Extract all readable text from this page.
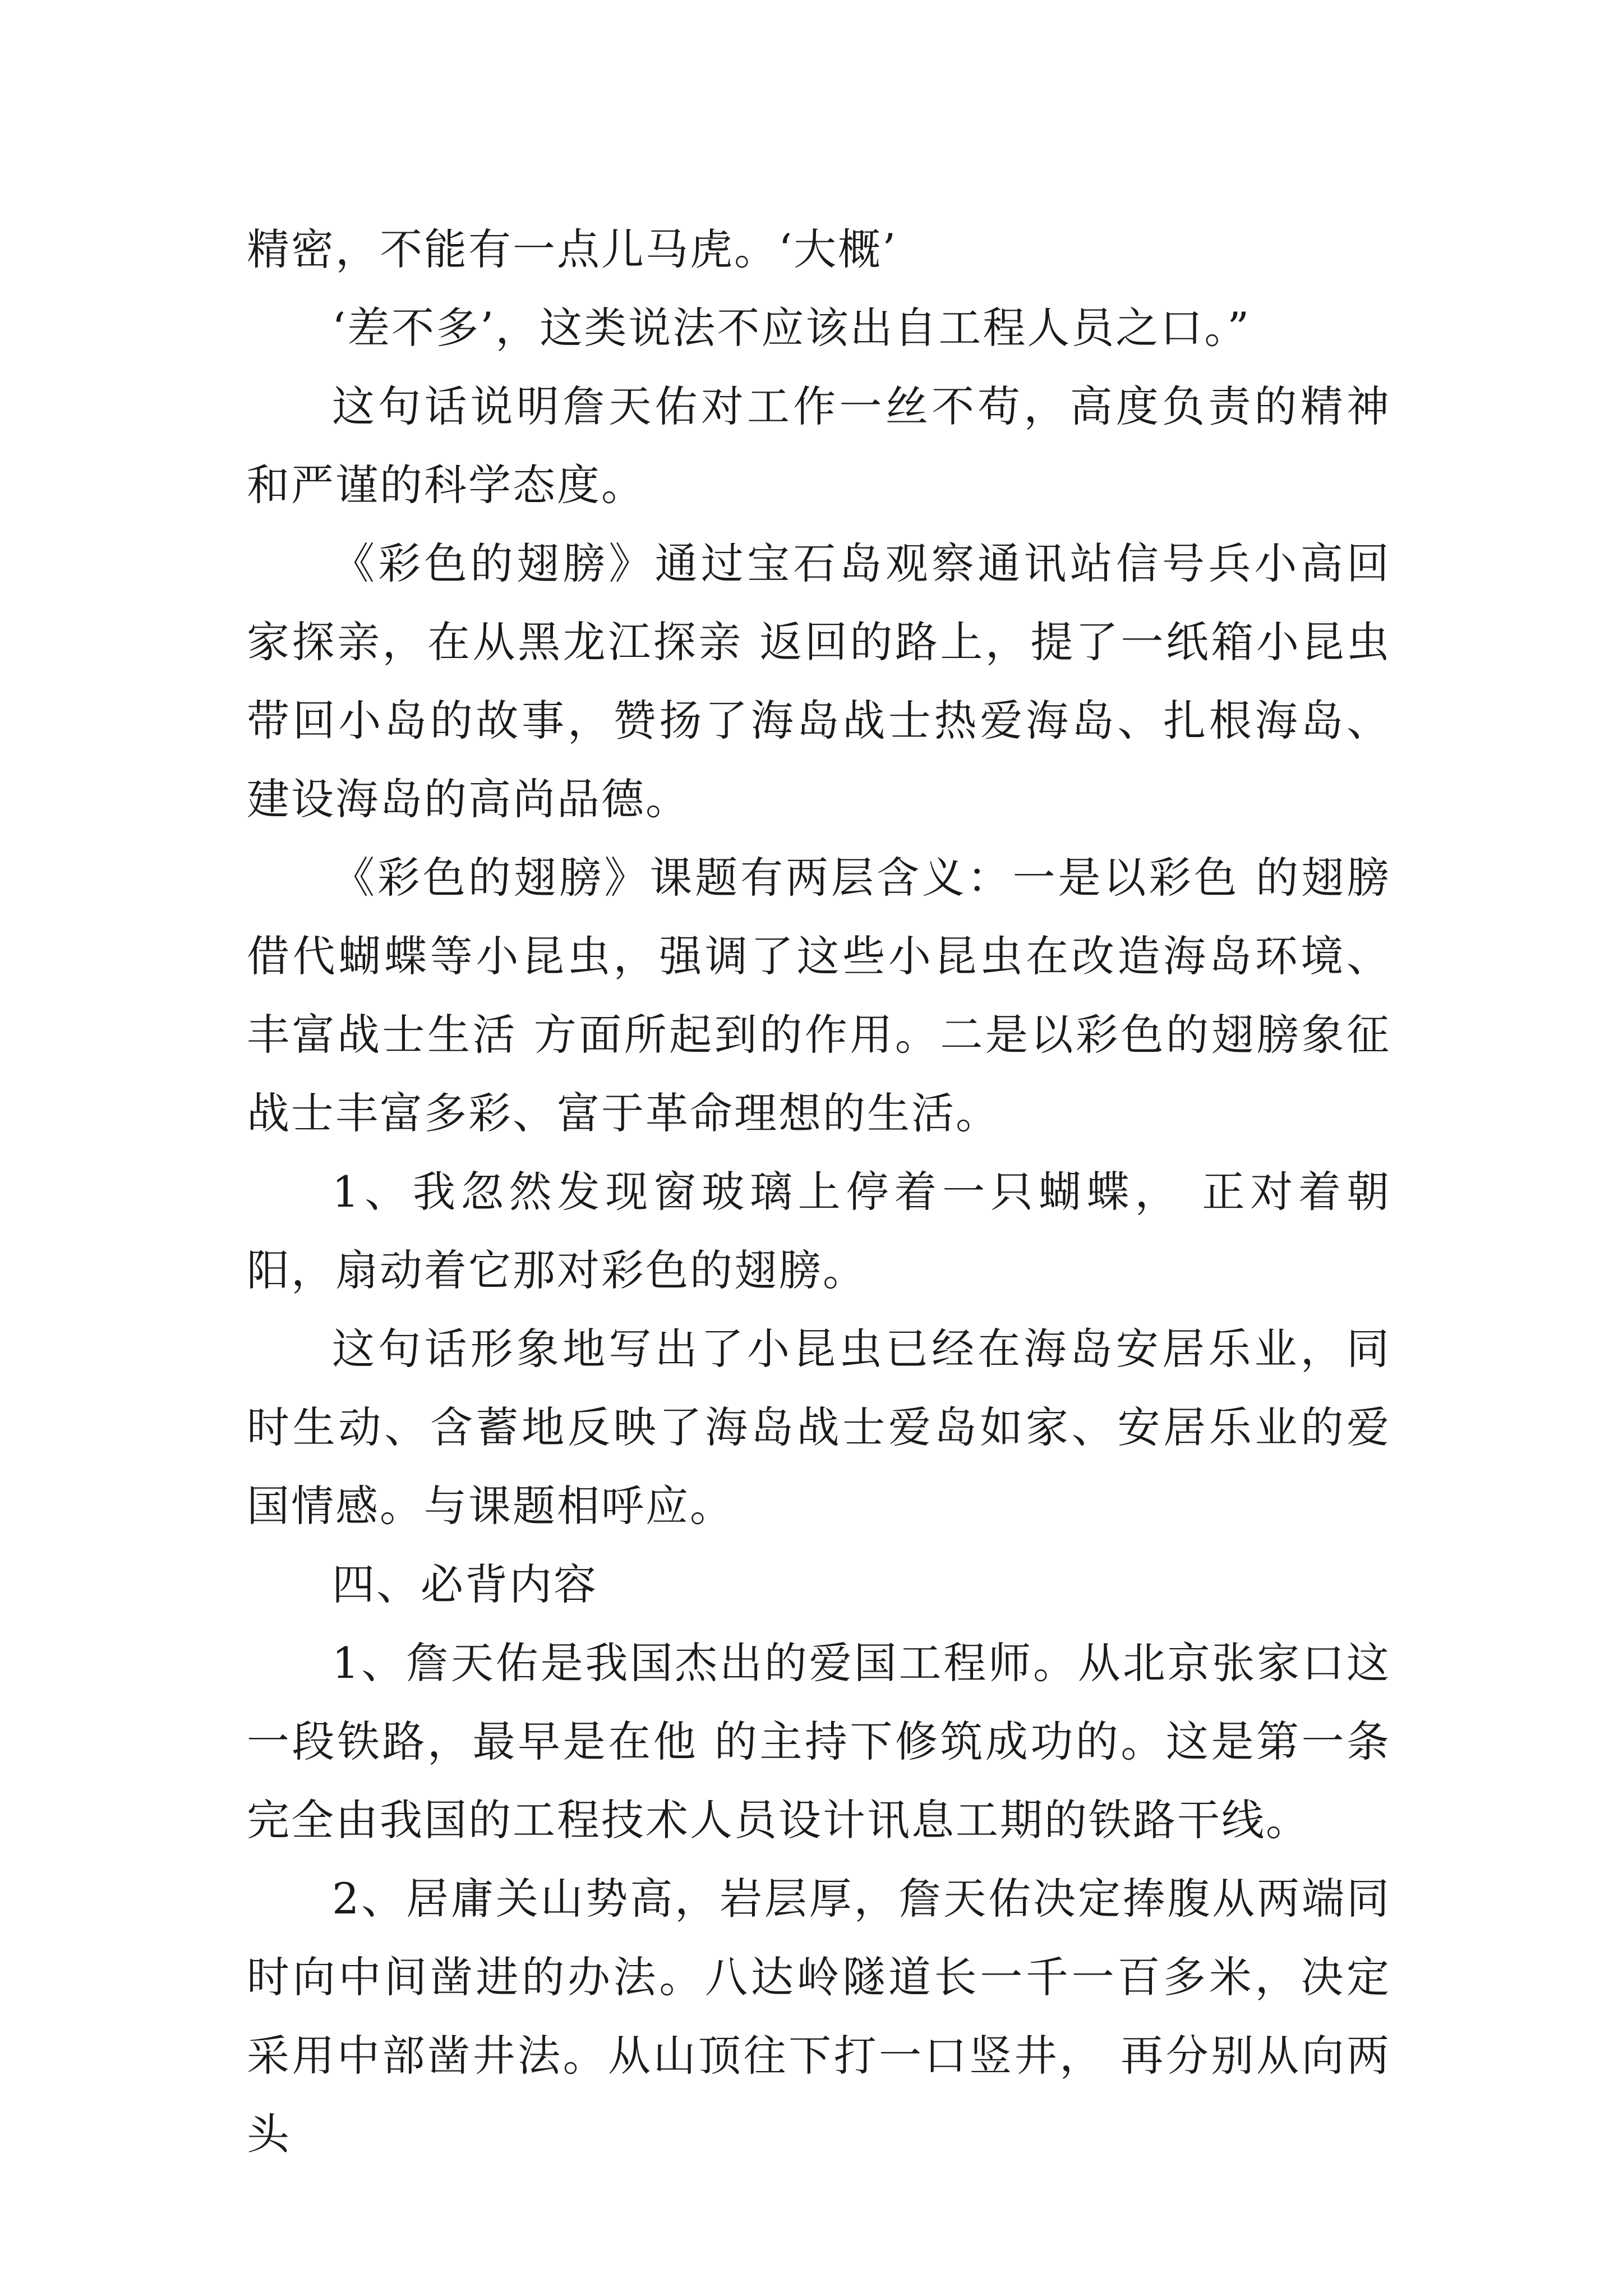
精密，不能有一点儿马虎。‘大概’

‘差不多’，这类说法不应该出自工程人员之口。”

这句话说明詹天佑对工作一丝不苟，高度负责的精神和严谨的科学态度。

《彩色的翅膀》通过宝石岛观察通讯站信号兵小高回家探亲，在从黑龙江探亲 返回的路上，提了一纸箱小昆虫带回小岛的故事，赞扬了海岛战士热爱海岛、扎根海岛、建设海岛的高尚品德。

《彩色的翅膀》课题有两层含义：一是以彩色 的翅膀借代蝴蝶等小昆虫，强调了这些小昆虫在改造海岛环境、丰富战士生活 方面所起到的作用。二是以彩色的翅膀象征战士丰富多彩、富于革命理想的生活。

1、我忽然发现窗玻璃上停着一只蝴蝶， 正对着朝阳，扇动着它那对彩色的翅膀。

这句话形象地写出了小昆虫已经在海岛安居乐业，同时生动、含蓄地反映了海岛战士爱岛如家、安居乐业的爱 国情感。与课题相呼应。

四、必背内容

1、詹天佑是我国杰出的爱国工程师。从北京张家口这一段铁路，最早是在他 的主持下修筑成功的。这是第一条完全由我国的工程技术人员设计讯息工期的铁路干线。

2、居庸关山势高，岩层厚，詹天佑决定捧腹从两端同时向中间凿进的办法。八达岭隧道长一千一百多米，决定采用中部凿井法。从山顶往下打一口竖井， 再分别从向两头
